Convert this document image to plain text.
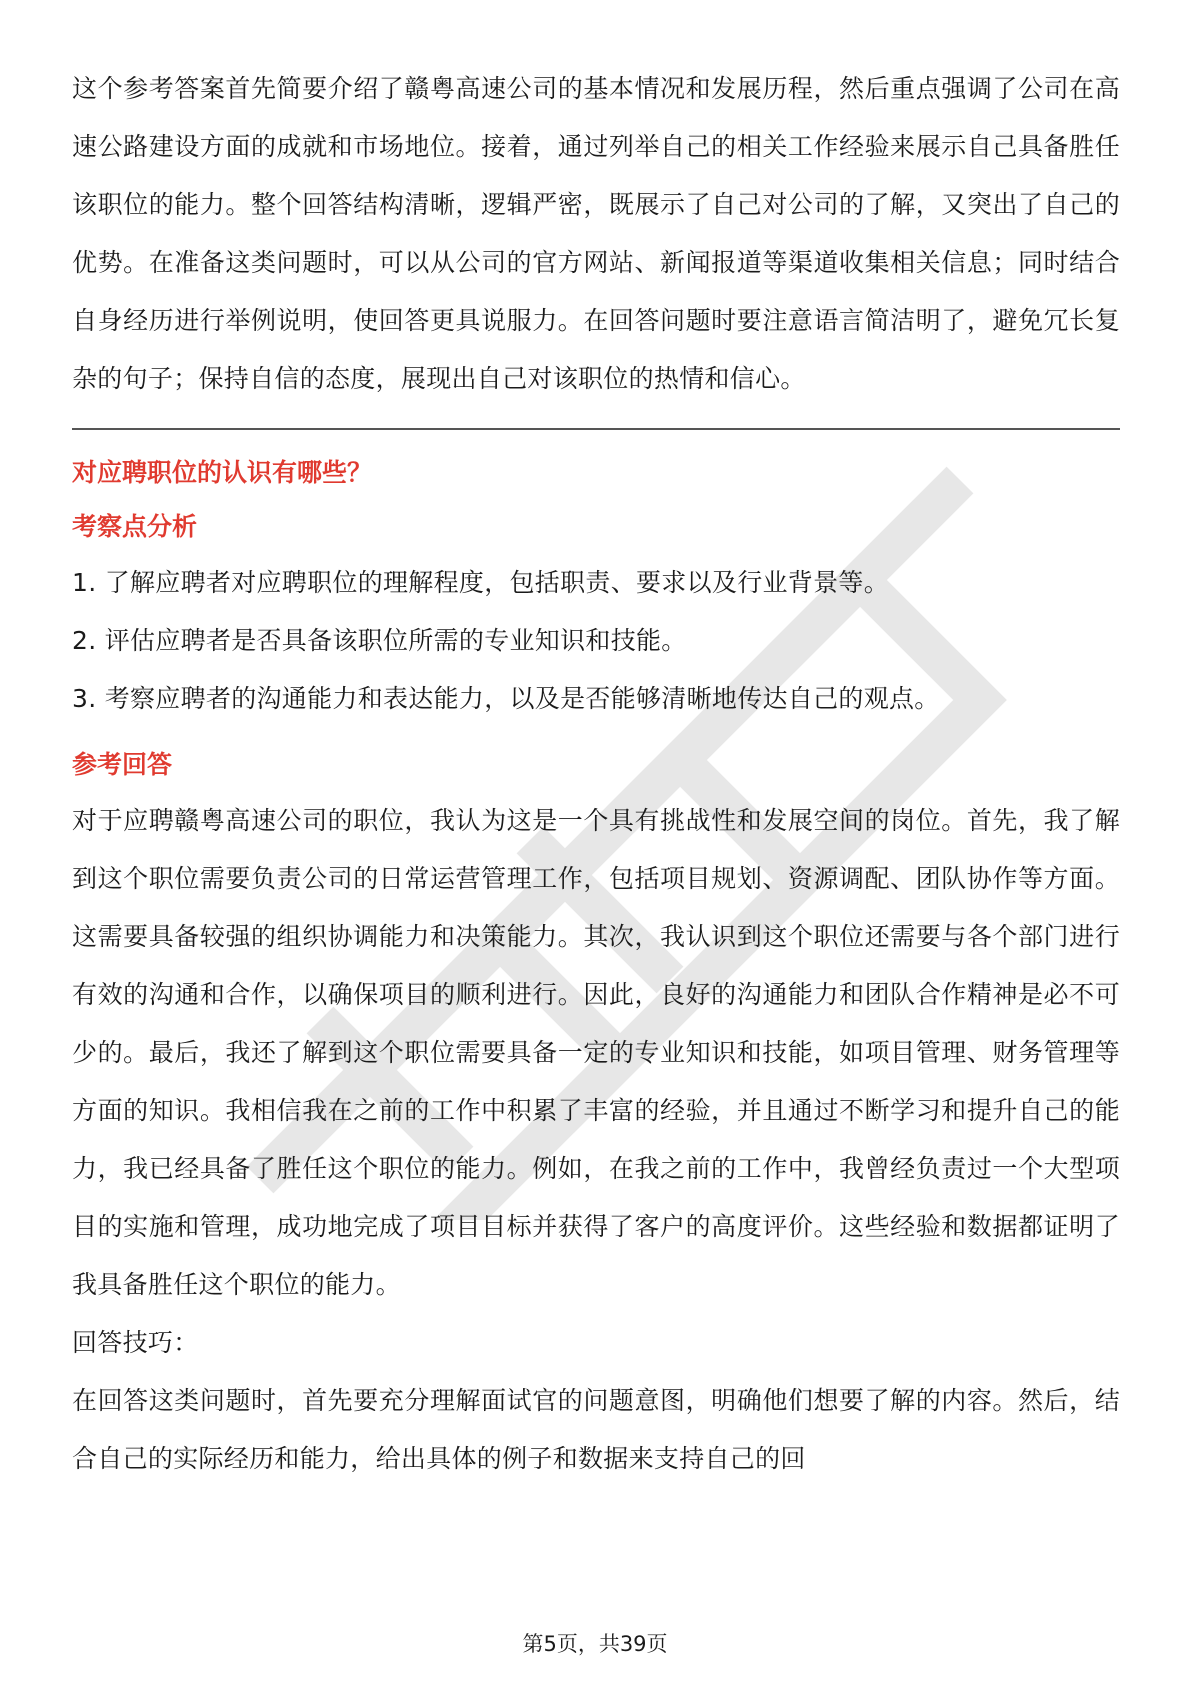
这个参考答案首先简要介绍了赣粤高速公司的基本情况和发展历程，然后重点强调了公司在高速公路建设方面的成就和市场地位。接着，通过列举自己的相关工作经验来展示自己具备胜任该职位的能力。整个回答结构清晰，逻辑严密，既展示了自己对公司的了解，又突出了自己的优势。在准备这类问题时，可以从公司的官方网站、新闻报道等渠道收集相关信息；同时结合自身经历进行举例说明，使回答更具说服力。在回答问题时要注意语言简洁明了，避免冗长复杂的句子；保持自信的态度，展现出自己对该职位的热情和信心。

对应聘职位的认识有哪些？

考察点分析

1. 了解应聘者对应聘职位的理解程度，包括职责、要求以及行业背景等。
2. 评估应聘者是否具备该职位所需的专业知识和技能。
3. 考察应聘者的沟通能力和表达能力，以及是否能够清晰地传达自己的观点。

参考回答

对于应聘赣粤高速公司的职位，我认为这是一个具有挑战性和发展空间的岗位。首先，我了解到这个职位需要负责公司的日常运营管理工作，包括项目规划、资源调配、团队协作等方面。这需要具备较强的组织协调能力和决策能力。其次，我认识到这个职位还需要与各个部门进行有效的沟通和合作，以确保项目的顺利进行。因此，良好的沟通能力和团队合作精神是必不可少的。最后，我还了解到这个职位需要具备一定的专业知识和技能，如项目管理、财务管理等方面的知识。我相信我在之前的工作中积累了丰富的经验，并且通过不断学习和提升自己的能力，我已经具备了胜任这个职位的能力。例如，在我之前的工作中，我曾经负责过一个大型项目的实施和管理，成功地完成了项目目标并获得了客户的高度评价。这些经验和数据都证明了我具备胜任这个职位的能力。

回答技巧：

在回答这类问题时，首先要充分理解面试官的问题意图，明确他们想要了解的内容。然后，结合自己的实际经历和能力，给出具体的例子和数据来支持自己的回

第5页，共39页
